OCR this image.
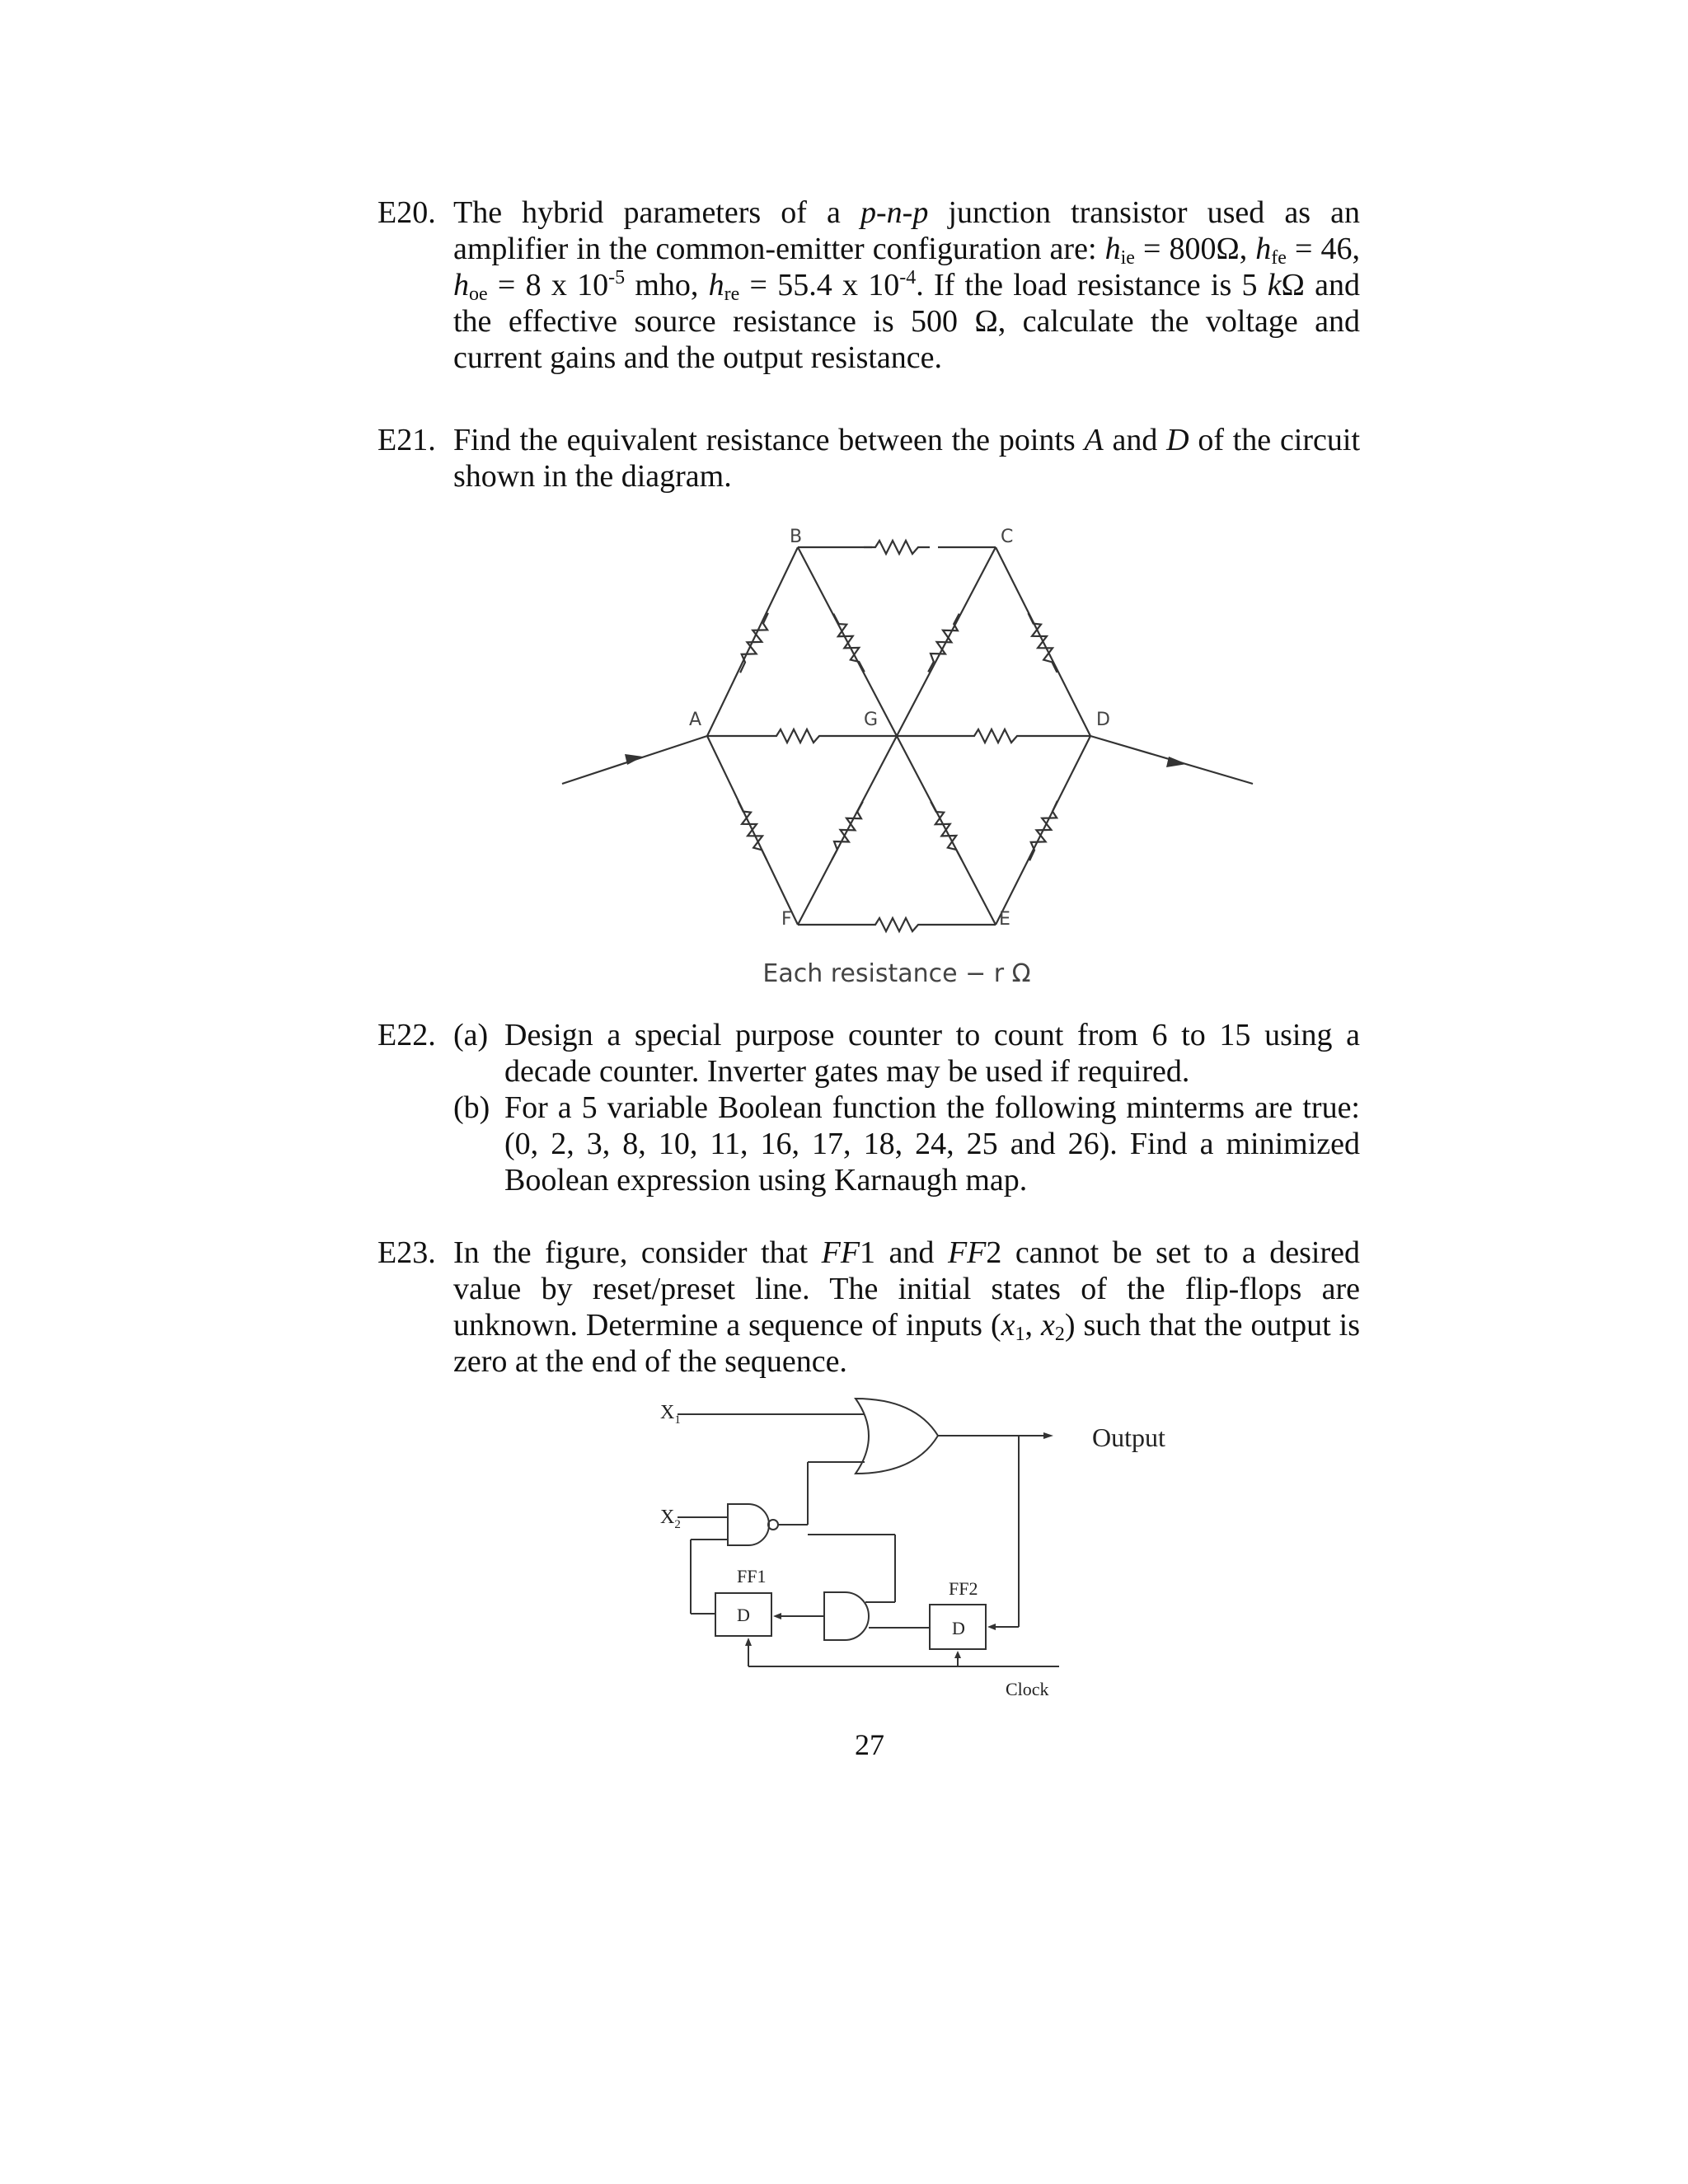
E20. The hybrid parameters of a p-n-p junction transistor used as an amplifier in the common-emitter configuration are: $h_{ie} = 800\Omega$, $h_{fe} = 46$, $h_{oe} = 8$ x $10^{-5}$ mho, $h_{re} = 55.4$ x $10^{-4}$. If the load resistance is 5 kΩ and the effective source resistance is 500 Ω, calculate the voltage and current gains and the output resistance.
E21. Find the equivalent resistance between the points A and D of the circuit shown in the diagram.
B	C
A	G	D
F	E
Each resistance − r Ω
E22. (a) Design a special purpose counter to count from 6 to 15 using a decade counter. Inverter gates may be used if required.
(b) For a 5 variable Boolean function the following minterms are true: (0, 2, 3, 8, 10, 11, 16, 17, 18, 24, 25 and 26). Find a minimized Boolean expression using Karnaugh map.
E23. In the figure, consider that FF1 and FF2 cannot be set to a desired value by reset/preset line. The initial states of the flip-flops are unknown. Determine a sequence of inputs ($x_1$, $x_2$) such that the output is zero at the end of the sequence.
$X_1$
$X_2$
Output
FF1
FF2
D
D
Clock
27
